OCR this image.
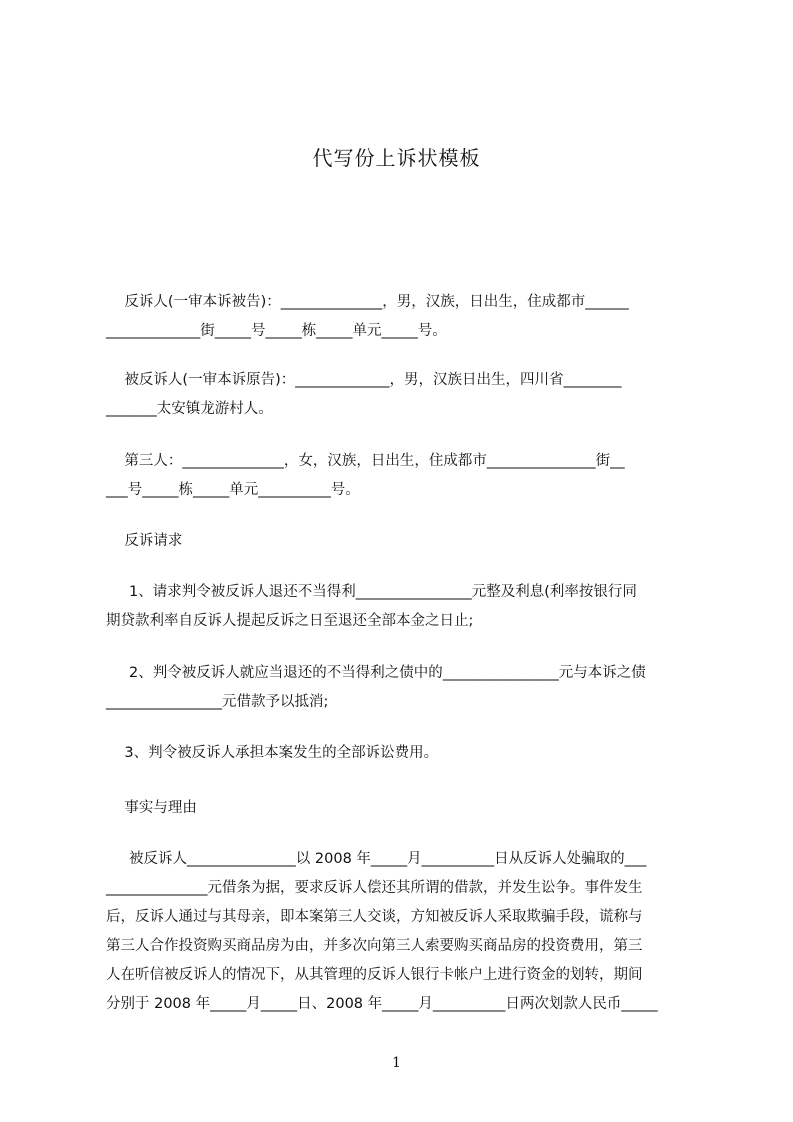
代写份上诉状模板
反诉人(一审本诉被告)：______________，男，汉族，日出生，住成都市______
_____________街_____号_____栋_____单元_____号。
被反诉人(一审本诉原告)：_____________，男，汉族日出生，四川省________
_______太安镇龙游村人。
第三人：______________，女，汉族，日出生，住成都市_______________街__
___号_____栋_____单元__________号。
反诉请求
1、请求判令被反诉人退还不当得利________________元整及利息(利率按银行同
期贷款利率自反诉人提起反诉之日至退还全部本金之日止;
2、判令被反诉人就应当退还的不当得利之债中的________________元与本诉之债
________________元借款予以抵消;
3、判令被反诉人承担本案发生的全部诉讼费用。
事实与理由
被反诉人_______________以 2008 年_____月__________日从反诉人处骗取的___
______________元借条为据，要求反诉人偿还其所谓的借款，并发生讼争。事件发生
后，反诉人通过与其母亲，即本案第三人交谈，方知被反诉人采取欺骗手段，谎称与
第三人合作投资购买商品房为由，并多次向第三人索要购买商品房的投资费用，第三
人在听信被反诉人的情况下，从其管理的反诉人银行卡帐户上进行资金的划转，期间
分别于 2008 年_____月_____日、2008 年_____月__________日两次划款人民币_____
1
